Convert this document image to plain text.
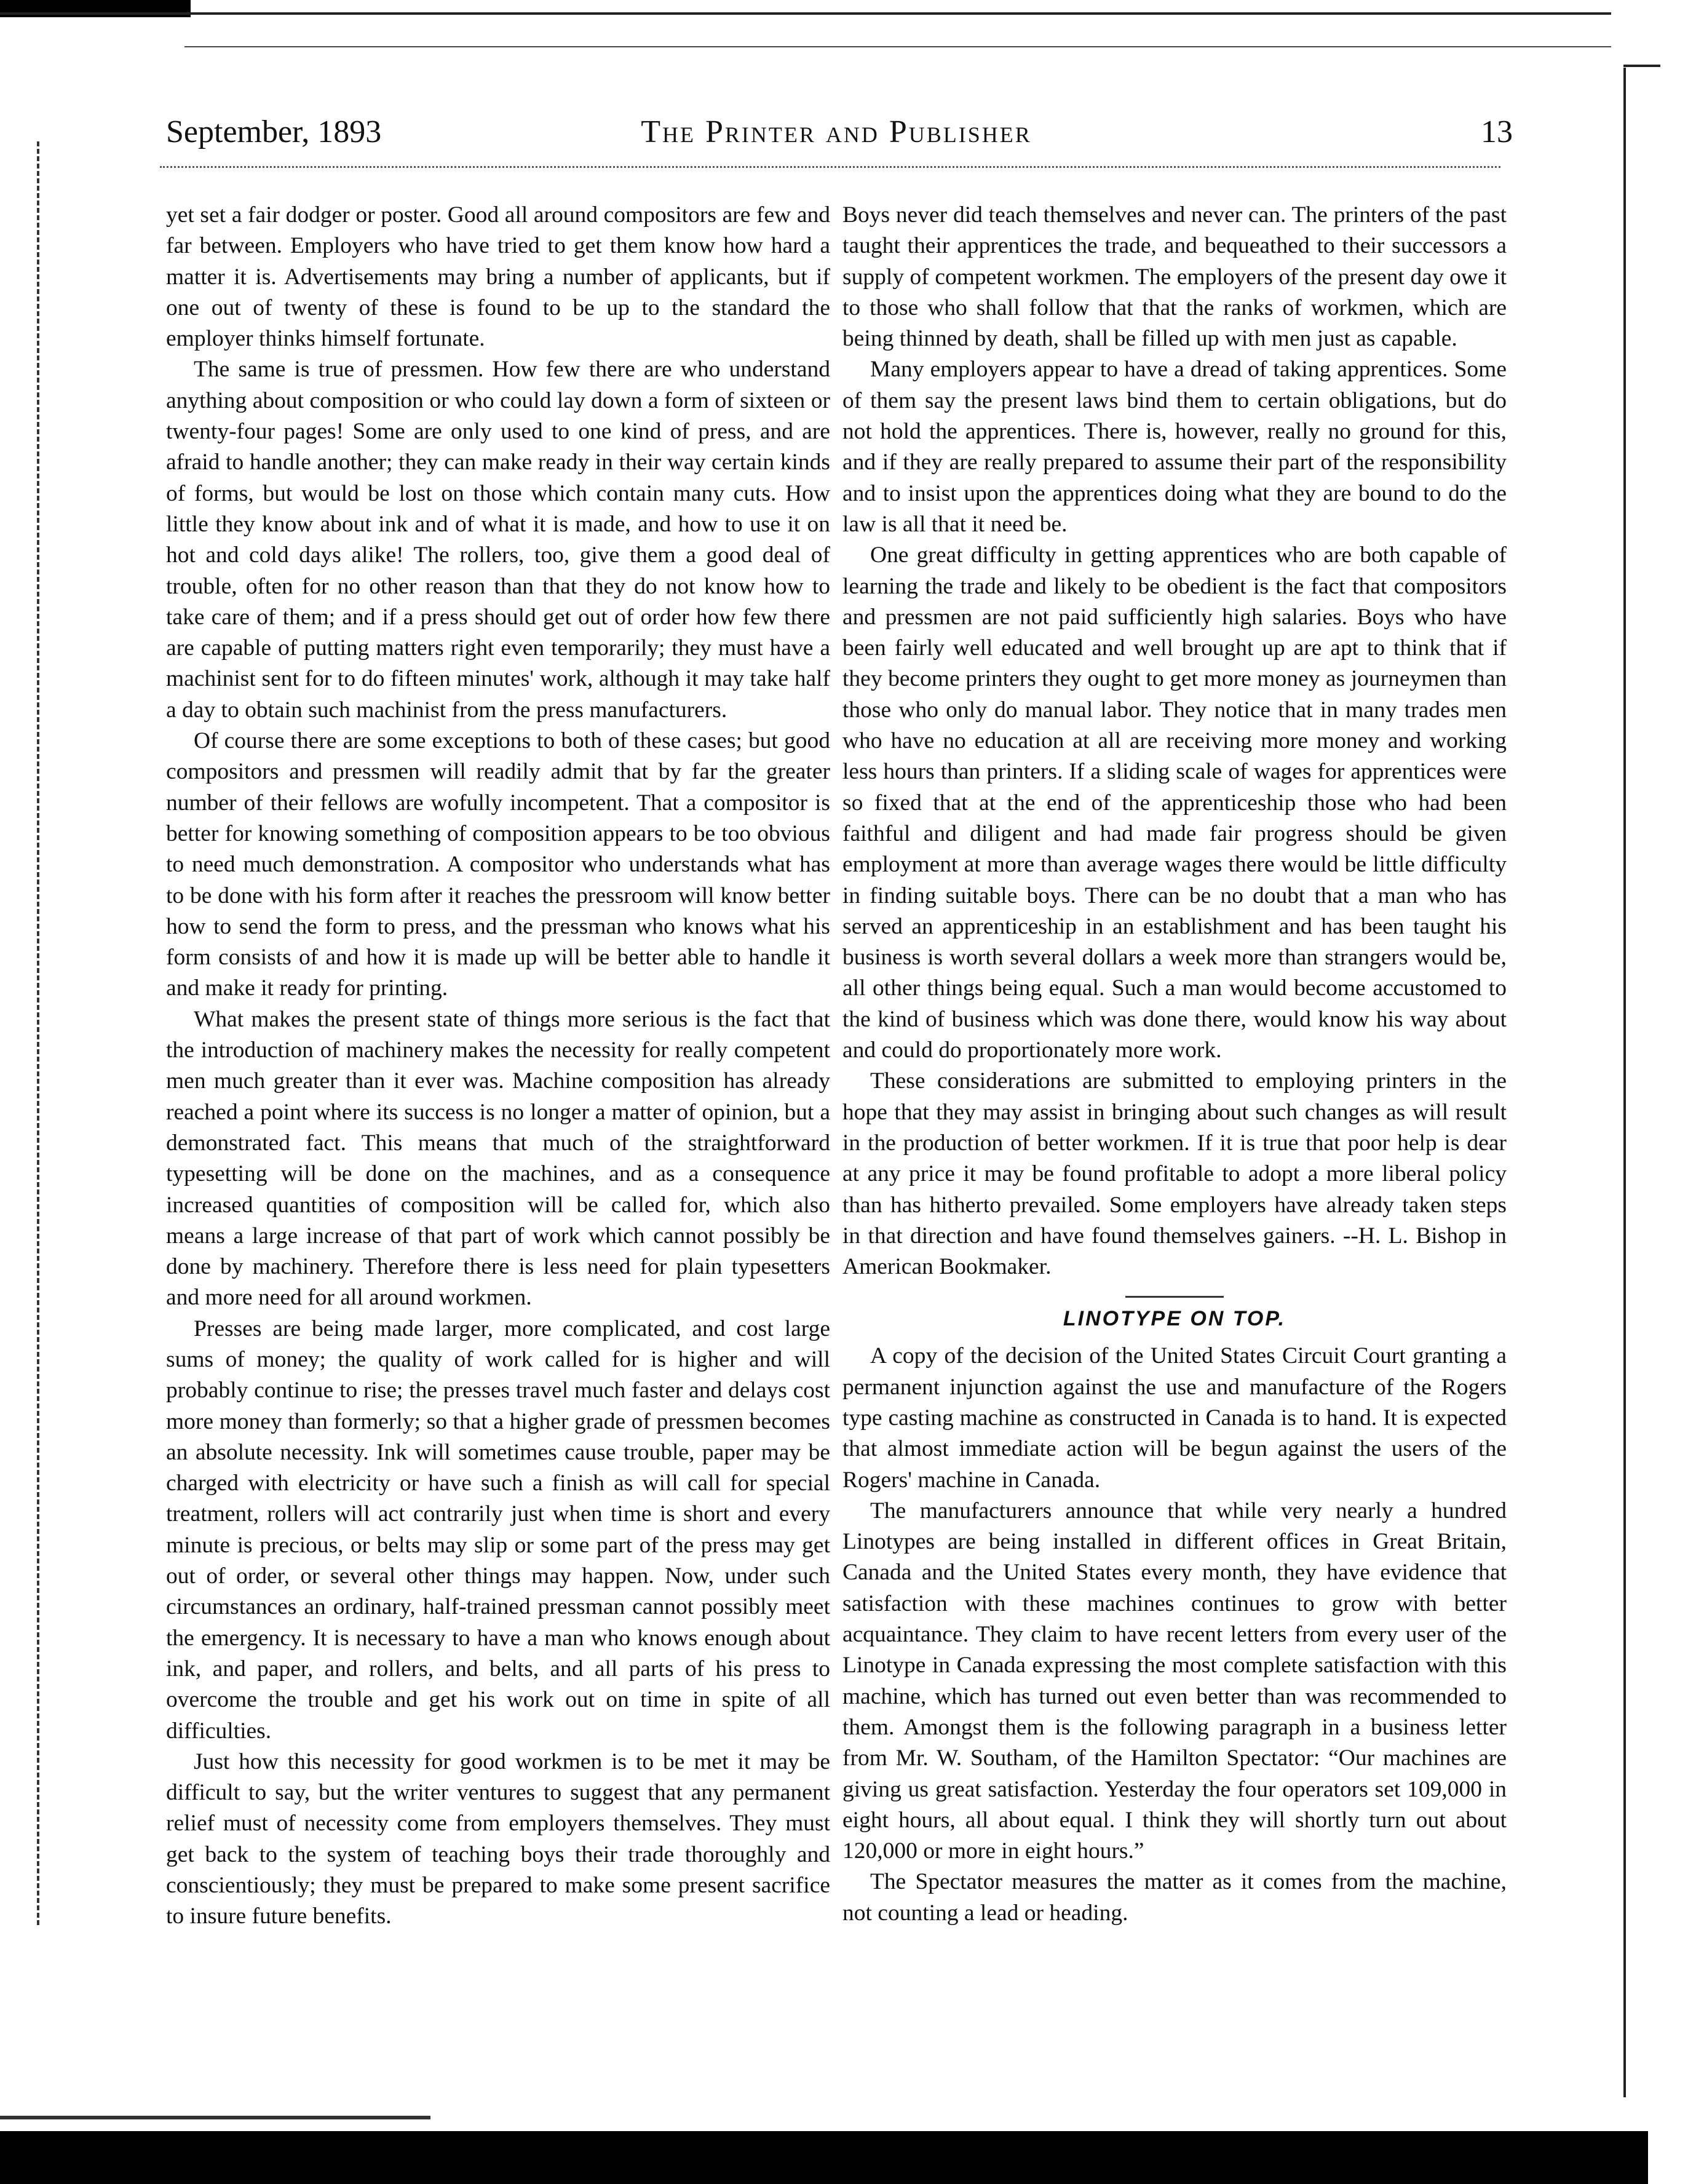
September, 1893	The Printer and Publisher	13

yet set a fair dodger or poster. Good all around compositors are few and far between. Employers who have tried to get them know how hard a matter it is. Advertisements may bring a number of applicants, but if one out of twenty of these is found to be up to the standard the employer thinks himself fortunate.

The same is true of pressmen. How few there are who understand anything about composition or who could lay down a form of sixteen or twenty-four pages! Some are only used to one kind of press, and are afraid to handle another; they can make ready in their way certain kinds of forms, but would be lost on those which contain many cuts. How little they know about ink and of what it is made, and how to use it on hot and cold days alike! The rollers, too, give them a good deal of trouble, often for no other reason than that they do not know how to take care of them; and if a press should get out of order how few there are capable of putting matters right even temporarily; they must have a machinist sent for to do fifteen minutes' work, although it may take half a day to obtain such machinist from the press manufacturers.

Of course there are some exceptions to both of these cases; but good compositors and pressmen will readily admit that by far the greater number of their fellows are wofully incompetent. That a compositor is better for knowing something of composition appears to be too obvious to need much demonstration. A compositor who understands what has to be done with his form after it reaches the pressroom will know better how to send the form to press, and the pressman who knows what his form consists of and how it is made up will be better able to handle it and make it ready for printing.

What makes the present state of things more serious is the fact that the introduction of machinery makes the necessity for really competent men much greater than it ever was. Machine composition has already reached a point where its success is no longer a matter of opinion, but a demonstrated fact. This means that much of the straightforward typesetting will be done on the machines, and as a consequence increased quantities of composition will be called for, which also means a large increase of that part of work which cannot possibly be done by machinery. Therefore there is less need for plain typesetters and more need for all around workmen.

Presses are being made larger, more complicated, and cost large sums of money; the quality of work called for is higher and will probably continue to rise; the presses travel much faster and delays cost more money than formerly; so that a higher grade of pressmen becomes an absolute necessity. Ink will sometimes cause trouble, paper may be charged with electricity or have such a finish as will call for special treatment, rollers will act contrarily just when time is short and every minute is precious, or belts may slip or some part of the press may get out of order, or several other things may happen. Now, under such circumstances an ordinary, half-trained pressman cannot possibly meet the emergency. It is necessary to have a man who knows enough about ink, and paper, and rollers, and belts, and all parts of his press to overcome the trouble and get his work out on time in spite of all difficulties.

Just how this necessity for good workmen is to be met it may be difficult to say, but the writer ventures to suggest that any permanent relief must of necessity come from employers themselves. They must get back to the system of teaching boys their trade thoroughly and conscientiously; they must be prepared to make some present sacrifice to insure future benefits.

Boys never did teach themselves and never can. The printers of the past taught their apprentices the trade, and bequeathed to their successors a supply of competent workmen. The employers of the present day owe it to those who shall follow that that the ranks of workmen, which are being thinned by death, shall be filled up with men just as capable.

Many employers appear to have a dread of taking apprentices. Some of them say the present laws bind them to certain obligations, but do not hold the apprentices. There is, however, really no ground for this, and if they are really prepared to assume their part of the responsibility and to insist upon the apprentices doing what they are bound to do the law is all that it need be.

One great difficulty in getting apprentices who are both capable of learning the trade and likely to be obedient is the fact that compositors and pressmen are not paid sufficiently high salaries. Boys who have been fairly well educated and well brought up are apt to think that if they become printers they ought to get more money as journeymen than those who only do manual labor. They notice that in many trades men who have no education at all are receiving more money and working less hours than printers. If a sliding scale of wages for apprentices were so fixed that at the end of the apprenticeship those who had been faithful and diligent and had made fair progress should be given employment at more than average wages there would be little difficulty in finding suitable boys. There can be no doubt that a man who has served an apprenticeship in an establishment and has been taught his business is worth several dollars a week more than strangers would be, all other things being equal. Such a man would become accustomed to the kind of business which was done there, would know his way about and could do proportionately more work.

These considerations are submitted to employing printers in the hope that they may assist in bringing about such changes as will result in the production of better workmen. If it is true that poor help is dear at any price it may be found profitable to adopt a more liberal policy than has hitherto prevailed. Some employers have already taken steps in that direction and have found themselves gainers. --H. L. Bishop in American Bookmaker.

LINOTYPE ON TOP.

A copy of the decision of the United States Circuit Court granting a permanent injunction against the use and manufacture of the Rogers type casting machine as constructed in Canada is to hand. It is expected that almost immediate action will be begun against the users of the Rogers' machine in Canada.

The manufacturers announce that while very nearly a hundred Linotypes are being installed in different offices in Great Britain, Canada and the United States every month, they have evidence that satisfaction with these machines continues to grow with better acquaintance. They claim to have recent letters from every user of the Linotype in Canada expressing the most complete satisfaction with this machine, which has turned out even better than was recommended to them. Amongst them is the following paragraph in a business letter from Mr. W. Southam, of the Hamilton Spectator: “Our machines are giving us great satisfaction. Yesterday the four operators set 109,000 in eight hours, all about equal. I think they will shortly turn out about 120,000 or more in eight hours.”

The Spectator measures the matter as it comes from the machine, not counting a lead or heading.
